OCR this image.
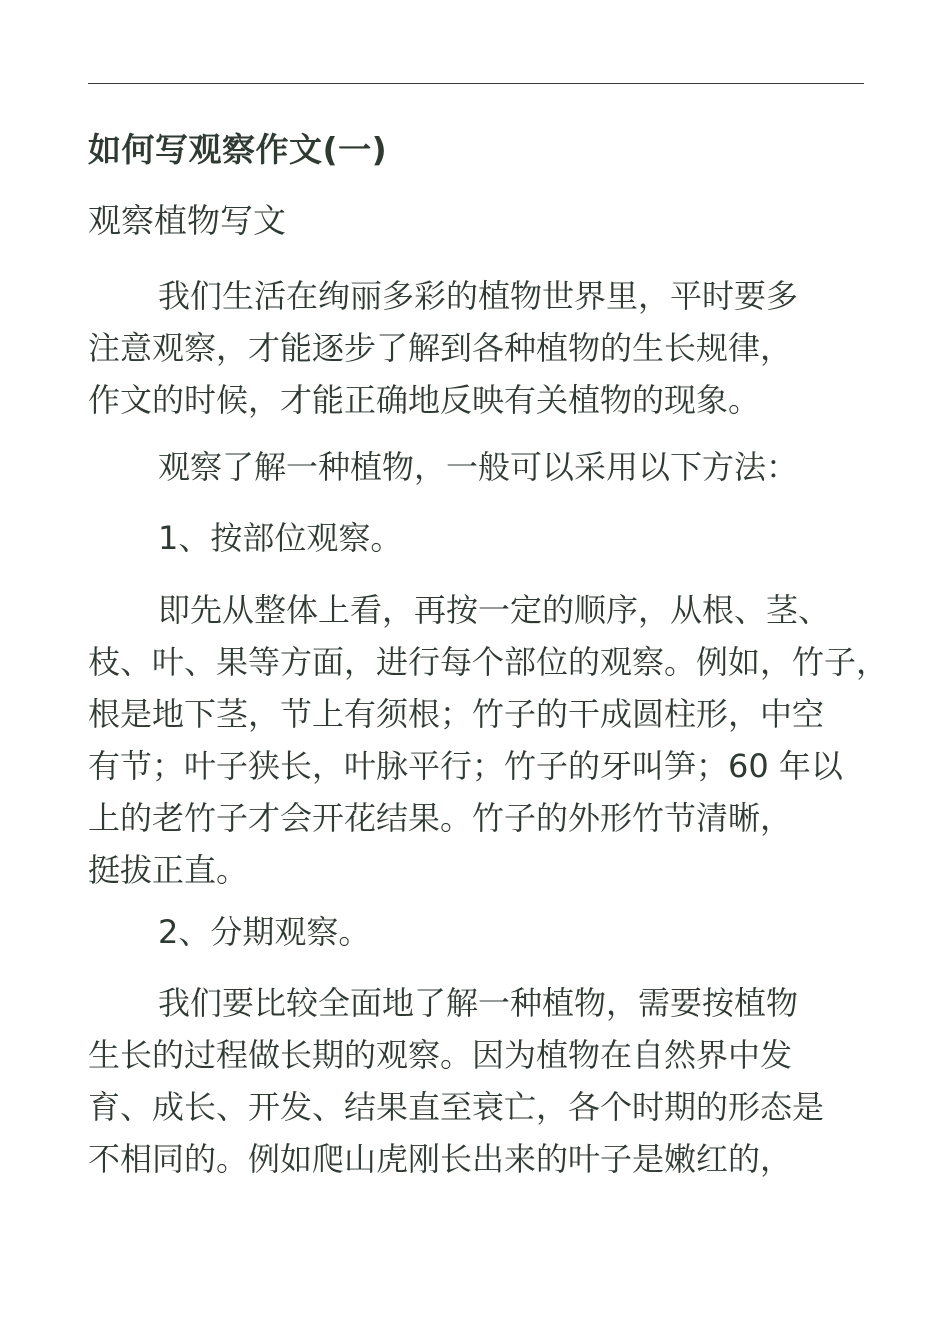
如何写观察作文(一)
观察植物写文

我们生活在绚丽多彩的植物世界里，平时要多
注意观察，才能逐步了解到各种植物的生长规律，
作文的时候，才能正确地反映有关植物的现象。

观察了解一种植物，一般可以采用以下方法：

1、按部位观察。

即先从整体上看，再按一定的顺序，从根、茎、
枝、叶、果等方面，进行每个部位的观察。例如，竹子，
根是地下茎，节上有须根；竹子的干成圆柱形，中空
有节；叶子狭长，叶脉平行；竹子的牙叫笋；60 年以
上的老竹子才会开花结果。竹子的外形竹节清晰，
挺拔正直。

2、分期观察。

我们要比较全面地了解一种植物，需要按植物
生长的过程做长期的观察。因为植物在自然界中发
育、成长、开发、结果直至衰亡，各个时期的形态是
不相同的。例如爬山虎刚长出来的叶子是嫩红的，
